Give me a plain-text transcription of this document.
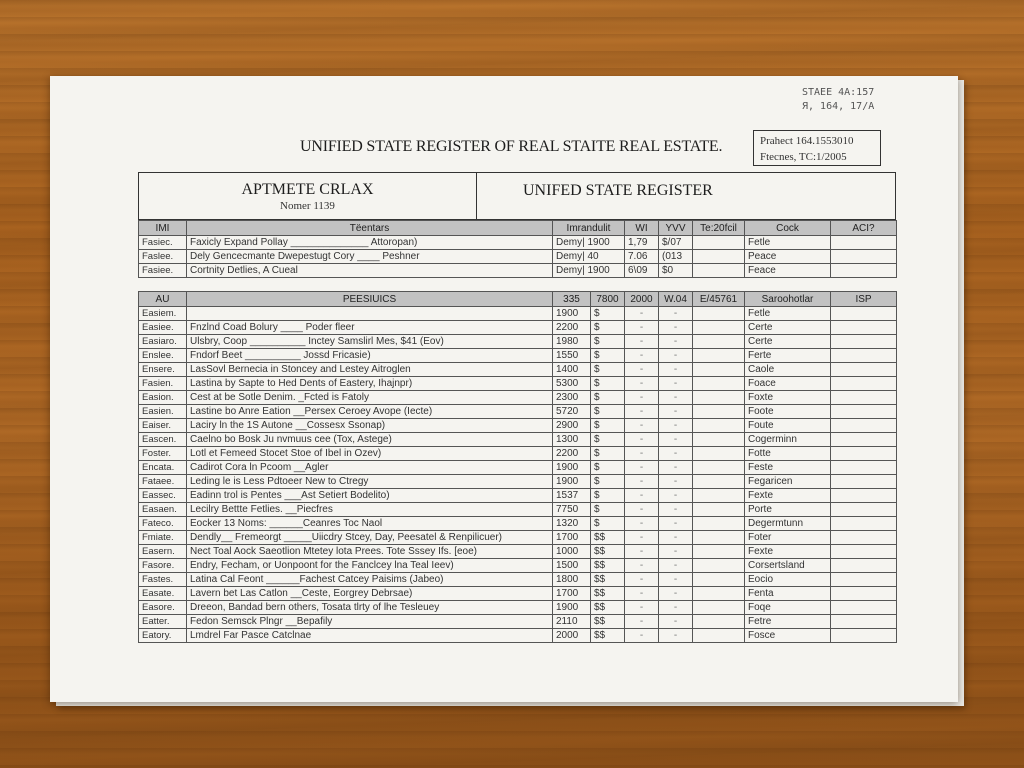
STAEE 4A:157
Я, 164, 17/A
UNIFIED STATE REGISTER OF REAL STAITE REAL ESTATE.	Prahect 164.1553010
Ftecnes, TC:1/2005
APTMETE CRLAX
Nomer 1139
UNIFED STATE REGISTER
IMI	Tëentars	Imrandulit	WI	YVV	Te:20fcil	Cock	ACI?
Fasiec.	Faxicly Expand Pollay ______________ Attoropan)	Demy| 1900	1,79	$/07		Fetle	
Faslee.	Dely Gencecmante Dwepestugt Cory ____ Peshner	Demy| 40	7.06	(013		Peace	
Fasiee.	Cortnity Detlies, A Cueal	Demy| 1900	6\09	$0		Feace	
AU	PEESIUICS	335	7800	2000	W.04	E/45761	Saroohotlar	ISP
Easiem.		1900	$	-	-		Fetle	
Easiee.	Fnzlnd Coad Bolury ____ Poder fleer	2200	$	-	-		Certe	
Easiaro.	Ulsbry, Coop __________ Inctey Samslirl Mes, $41 (Eov)	1980	$	-	-		Certe	
Enslee.	Fndorf Beet __________ Jossd Fricasie)	1550	$	-	-		Ferte	
Ensere.	LasSovl Bernecia in Stoncey and Lestey Aitroglen	1400	$	-	-		Caole	
Fasien.	Lastina by Sapte to Hed Dents of Eastery, Ihajnpr)	5300	$	-	-		Foace	
Easion.	Cest at be Sotle Denim. _Fcted is Fatoly	2300	$	-	-		Foxte	
Easien.	Lastine bo Anre Eation __Persex Ceroey Avope (Iecte)	5720	$	-	-		Foote	
Eaiser.	Laciry ln the 1S Autone __Cossesx Ssonap)	2900	$	-	-		Foute	
Eascen.	Caelno bo Bosk Ju nvmuus cee (Tox, Astege)	1300	$	-	-		Cogerminn	
Foster.	Lotl et Femeed Stocet Stoe of Ibel in Ozev)	2200	$	-	-		Fotte	
Encata.	Cadirot Cora ln Pcoom __Agler	1900	$	-	-		Feste	
Fataee.	Leding le is Less Pdtoeer New to Ctregy	1900	$	-	-		Fegaricen	
Eassec.	Eadinn trol is Pentes ___Ast Setiert Bodelito)	1537	$	-	-		Fexte	
Easaen.	Lecilry Bettte Fetlies. __Piecfres	7750	$	-	-		Porte	
Fateco.	Eocker 13 Noms: ______Ceanres Toc Naol	1320	$	-	-		Degermtunn	
Fmiate.	Dendly__ Fremeorgt _____Uiicdry Stcey, Day, Peesatel & Renpilicuer)	1700	$$	-	-		Foter	
Easern.	Nect Toal Aock Saeotlion Mtetey lota Prees. Tote Sssey Ifs. [eoe)	1000	$$	-	-		Fexte	
Fasore.	Endry, Fecham, or Uonpoont for the Fanclcey lna Teal Ieev)	1500	$$	-	-		Corsertsland	
Fastes.	Latina Cal Feont ______Fachest Catcey Paisims (Jabeo)	1800	$$	-	-		Eocio	
Easate.	Lavern bet Las Catlon __Ceste, Eorgrey Debrsae)	1700	$$	-	-		Fenta	
Easore.	Dreeon, Bandad bern others, Tosata tlrty of lhe Tesleuey	1900	$$	-	-		Foqe	
Eatter.	Fedon Semsck Plngr __Bepafily	2110	$$	-	-		Fetre	
Eatory.	Lmdrel Far Pasce Catclnae	2000	$$	-	-		Fosce	
